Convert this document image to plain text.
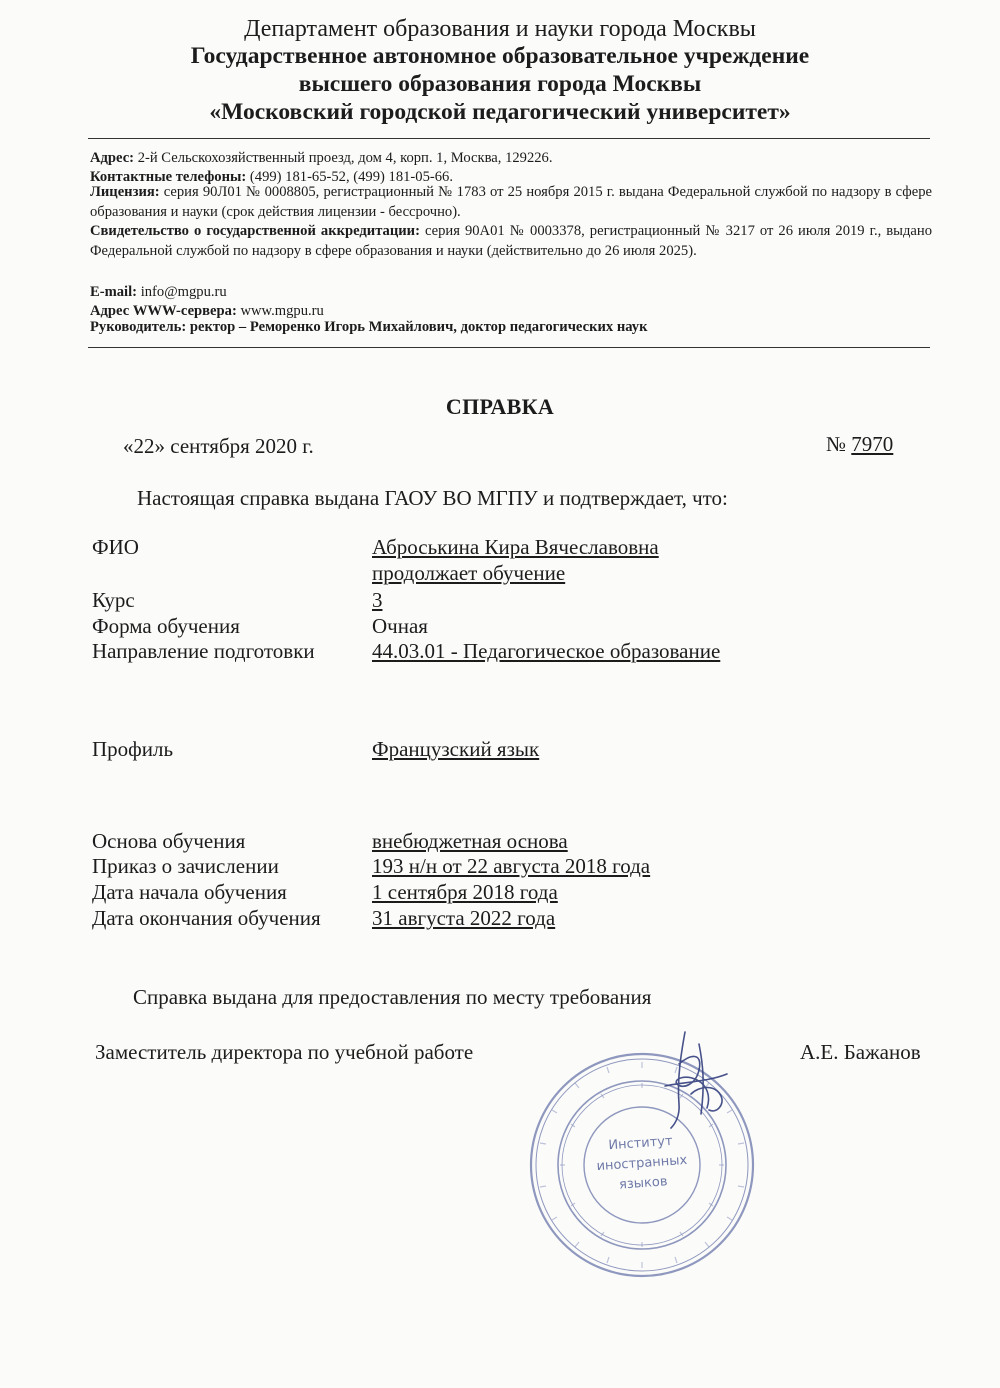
Департамент образования и науки города Москвы
Государственное автономное образовательное учреждение
высшего образования города Москвы
«Московский городской педагогический университет»
Адрес: 2-й Сельскохозяйственный проезд, дом 4, корп. 1, Москва, 129226.
Контактные телефоны: (499) 181-65-52, (499) 181-05-66.
Лицензия: серия 90Л01 № 0008805, регистрационный № 1783 от 25 ноября 2015 г. выдана Федеральной службой по надзору в сфере образования и науки (срок действия лицензии - бессрочно).
Свидетельство о государственной аккредитации: серия 90А01 № 0003378, регистрационный № 3217 от 26 июля 2019 г., выдано Федеральной службой по надзору в сфере образования и науки (действительно до 26 июля 2025).
E-mail: info@mgpu.ru
Адрес WWW-сервера: www.mgpu.ru
Руководитель: ректор – Реморенко Игорь Михайлович, доктор педагогических наук
СПРАВКА
«22» сентября 2020 г.	№ 7970
Настоящая справка выдана ГАОУ ВО МГПУ и подтверждает, что:
ФИО	Аброськина Кира Вячеславовна
продолжает обучение
Курс	3
Форма обучения	Очная
Направление подготовки	44.03.01 - Педагогическое образование
Профиль	Французский язык
Основа обучения	внебюджетная основа
Приказ о зачислении	193 н/н от 22 августа 2018 года
Дата начала обучения	1 сентября 2018 года
Дата окончания обучения 31 августа 2022 года
Справка выдана для предоставления по месту требования
Заместитель директора по учебной работе	А.Е. Бажанов
Институт
иностранных
языков
